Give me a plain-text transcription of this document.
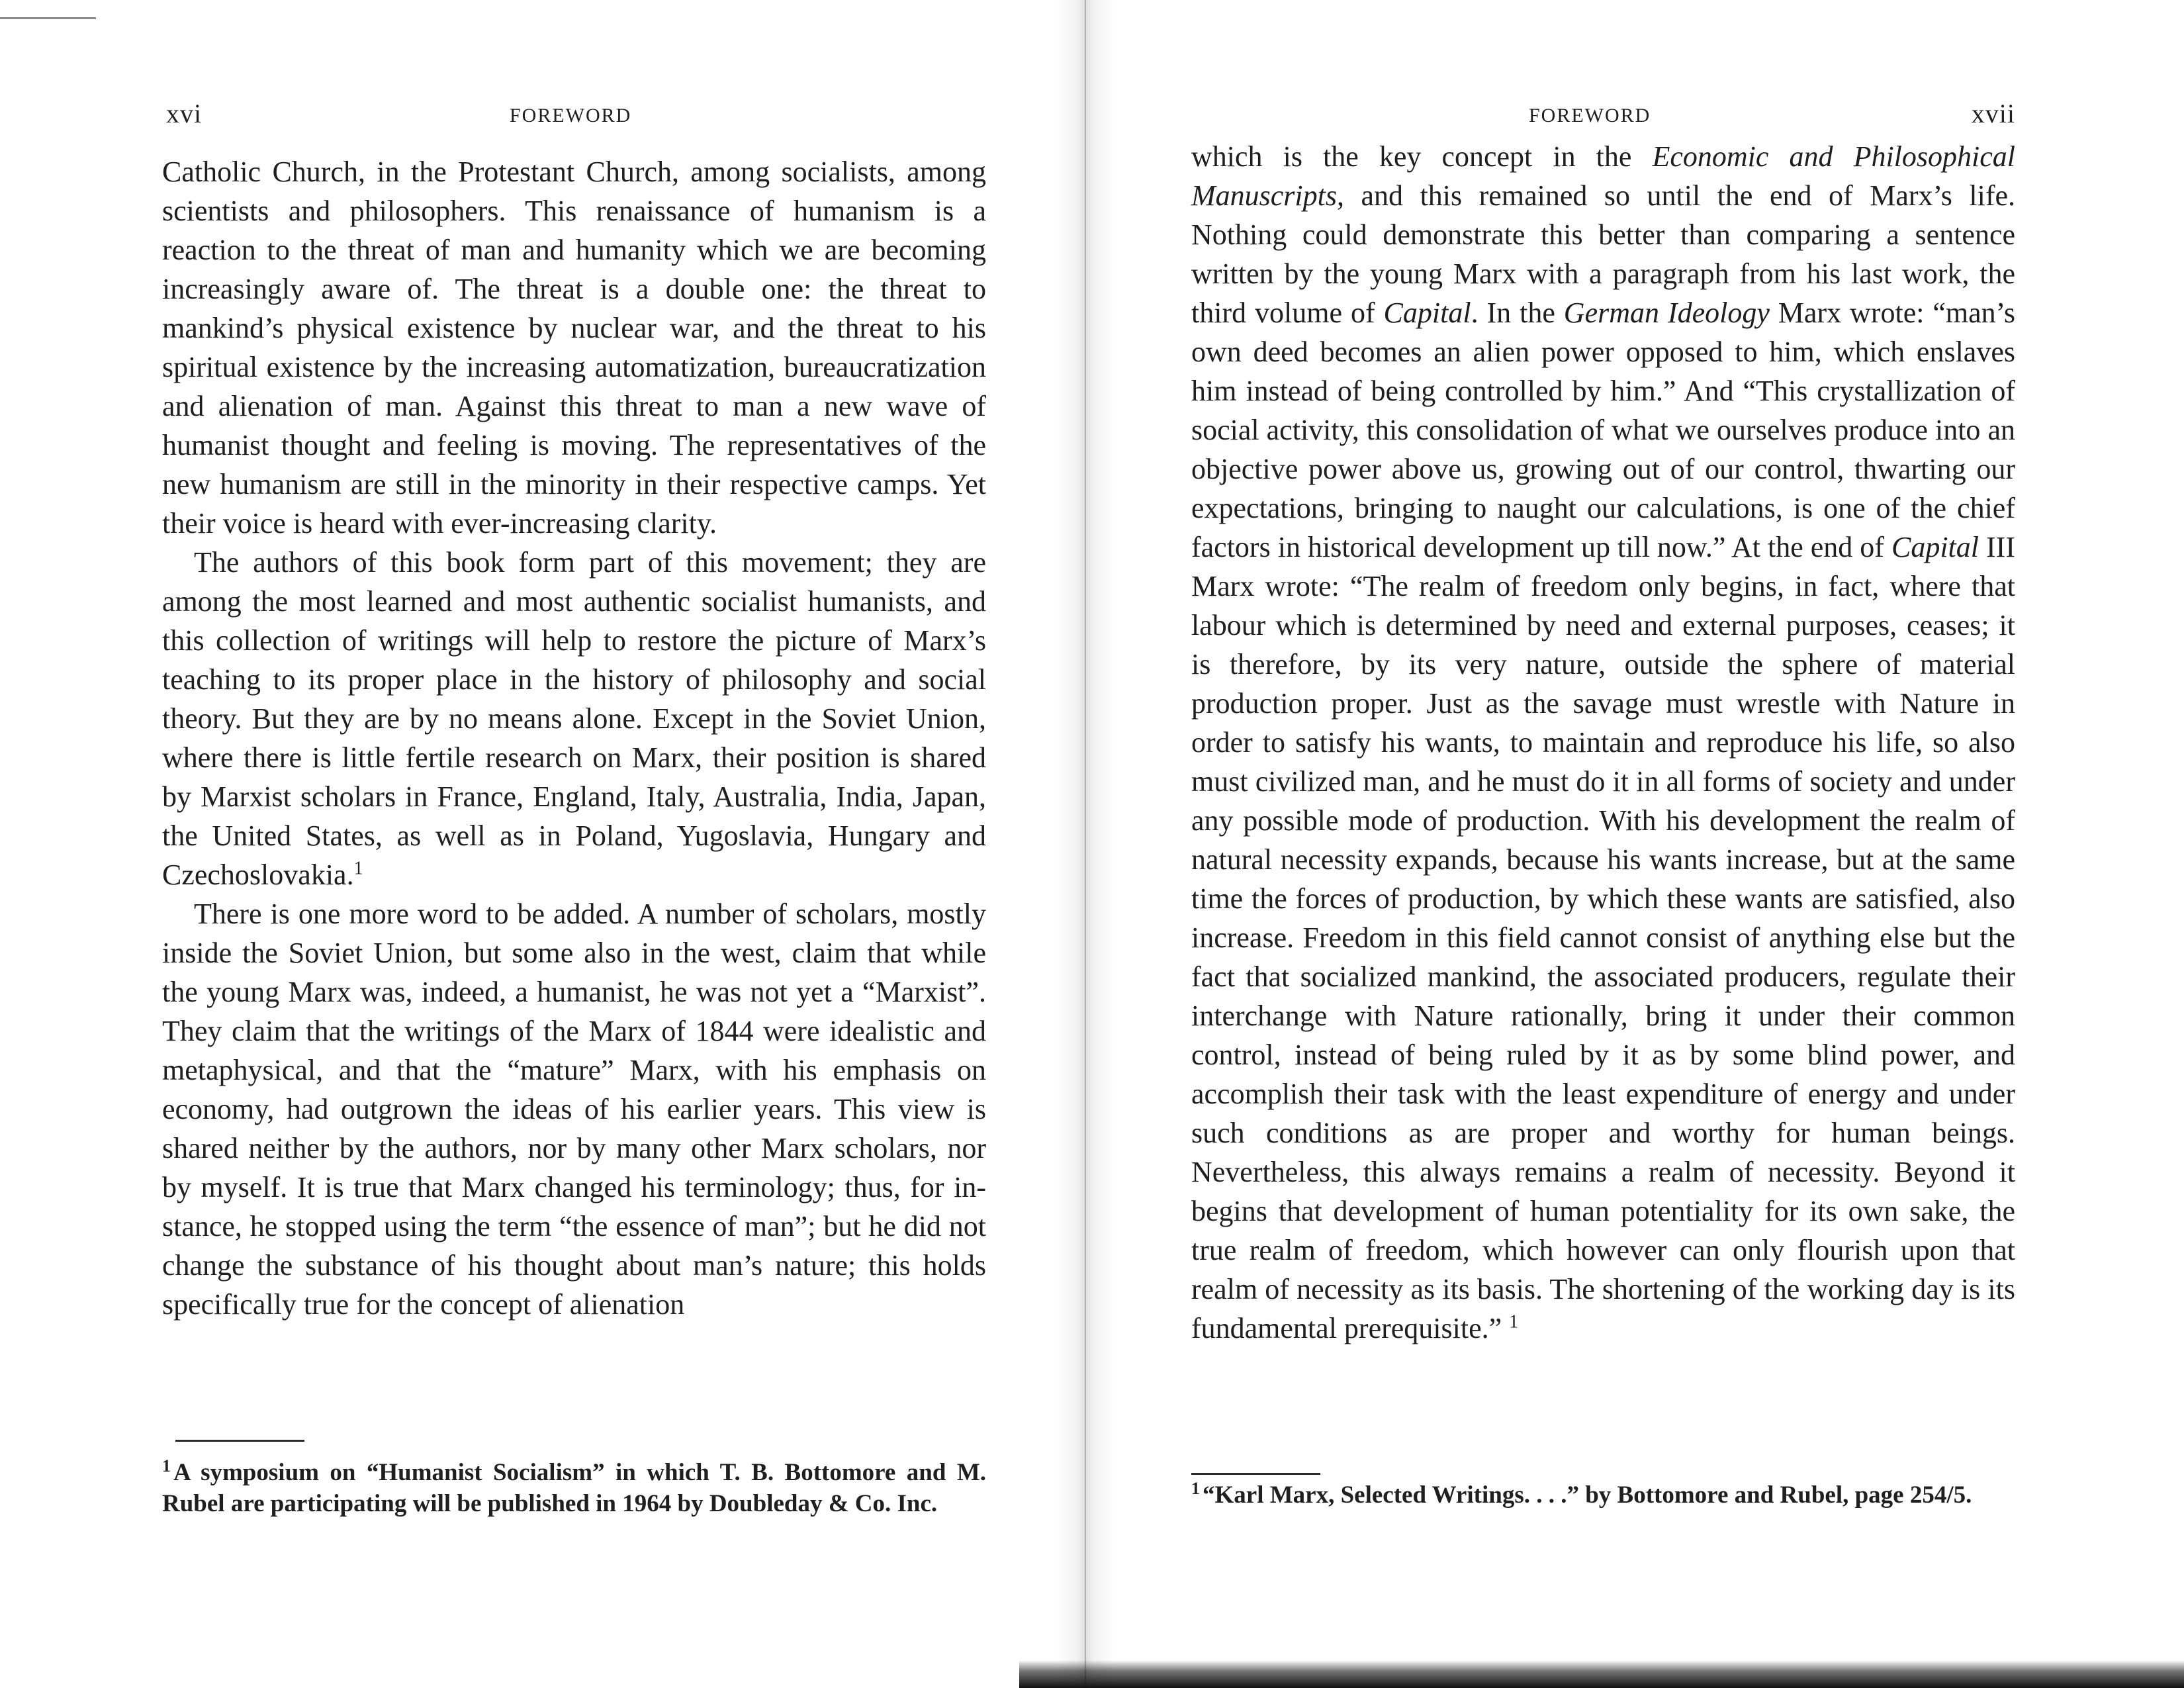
xvi	FOREWORD

Catholic Church, in the Protestant Church, among socialists, among scientists and philosophers. This renaissance of humanism is a reaction to the threat of man and humanity which we are becoming increasingly aware of. The threat is a double one: the threat to mankind’s physical existence by nuclear war, and the threat to his spiritual existence by the increasing automatization, bureaucratization and alienation of man. Against this threat to man a new wave of humanist thought and feeling is moving. The representatives of the new humanism are still in the minority in their respective camps. Yet their voice is heard with ever-increasing clarity.

The authors of this book form part of this movement; they are among the most learned and most authentic socialist humanists, and this collection of writings will help to restore the picture of Marx’s teaching to its proper place in the history of philosophy and social theory. But they are by no means alone. Except in the Soviet Union, where there is little fertile research on Marx, their position is shared by Marxist scholars in France, England, Italy, Australia, India, Japan, the United States, as well as in Poland, Yugoslavia, Hungary and Czechoslovakia.$^1$

There is one more word to be added. A number of scholars, mostly inside the Soviet Union, but some also in the west, claim that while the young Marx was, indeed, a humanist, he was not yet a “Marxist”. They claim that the writings of the Marx of 1844 were idealistic and metaphysical, and that the “mature” Marx, with his emphasis on economy, had outgrown the ideas of his earlier years. This view is shared neither by the authors, nor by many other Marx scholars, nor by myself. It is true that Marx changed his terminology; thus, for instance, he stopped using the term “the essence of man”; but he did not change the substance of his thought about man’s nature; this holds specifically true for the concept of alienation

$^1$ A symposium on “Humanist Socialism” in which T. B. Bottomore and M. Rubel are participating will be published in 1964 by Doubleday & Co. Inc.
FOREWORD	xvii

which is the key concept in the Economic and Philosophical Manuscripts, and this remained so until the end of Marx’s life. Nothing could demonstrate this better than comparing a sentence written by the young Marx with a paragraph from his last work, the third volume of Capital. In the German Ideology Marx wrote: “man’s own deed becomes an alien power opposed to him, which enslaves him instead of being controlled by him.” And “This crystallization of social activity, this consolidation of what we ourselves produce into an objective power above us, growing out of our control, thwarting our expectations, bringing to naught our calculations, is one of the chief factors in historical development up till now.” At the end of Capital III Marx wrote: “The realm of freedom only begins, in fact, where that labour which is determined by need and external purposes, ceases; it is therefore, by its very nature, outside the sphere of material production proper. Just as the savage must wrestle with Nature in order to satisfy his wants, to maintain and reproduce his life, so also must civilized man, and he must do it in all forms of society and under any possible mode of production. With his development the realm of natural necessity expands, because his wants increase, but at the same time the forces of production, by which these wants are satisfied, also increase. Freedom in this field cannot consist of anything else but the fact that socialized mankind, the associated producers, regulate their interchange with Nature rationally, bring it under their common control, instead of being ruled by it as by some blind power, and accomplish their task with the least expenditure of energy and under such conditions as are proper and worthy for human beings. Nevertheless, this always remains a realm of necessity. Beyond it begins that development of human potentiality for its own sake, the true realm of freedom, which however can only flourish upon that realm of necessity as its basis. The shortening of the working day is its fundamental prerequisite.” $^1$

$^1$ “Karl Marx, Selected Writings. . . .” by Bottomore and Rubel, page 254/5.
